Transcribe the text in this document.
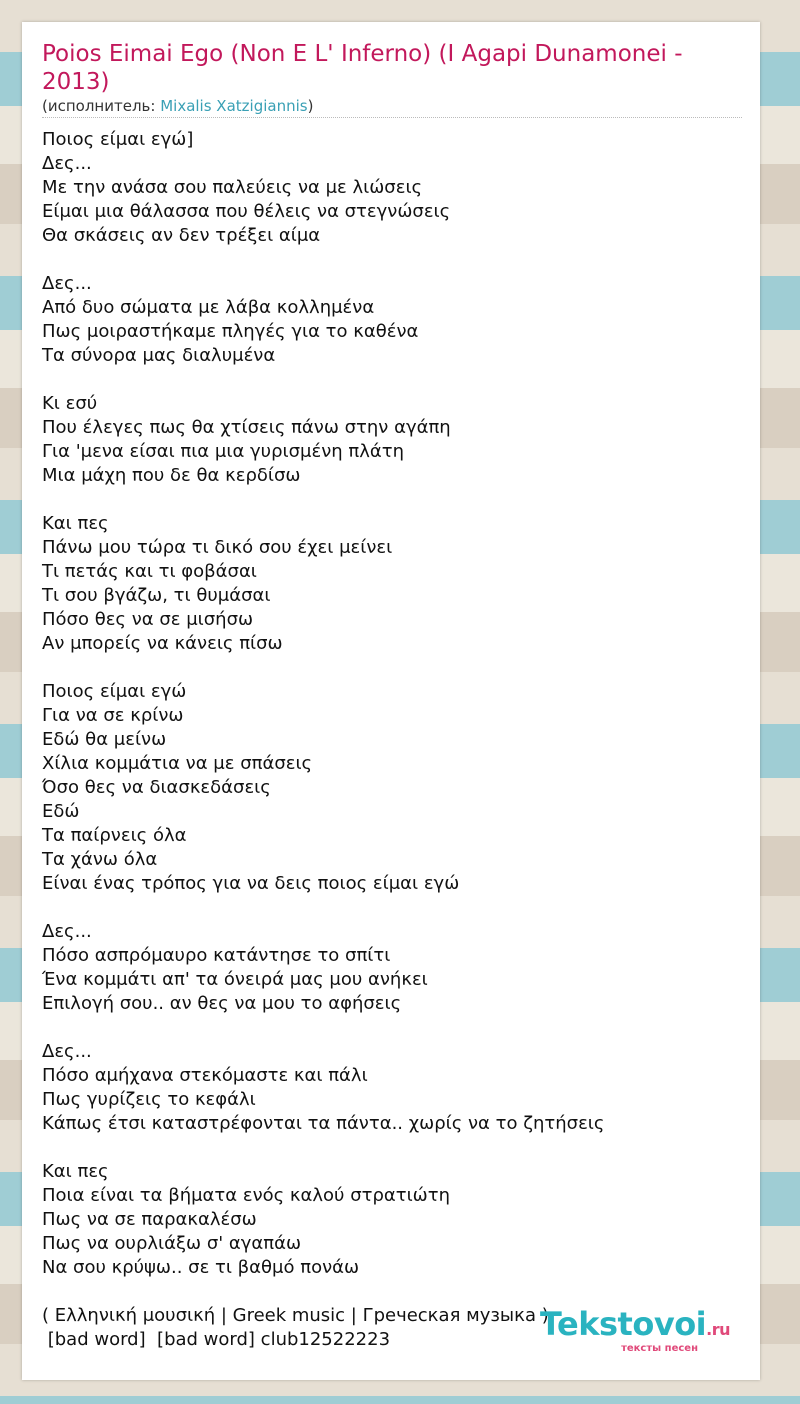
Poios Eimai Ego (Non E L' Inferno) (I Agapi Dunamonei - 2013)
(исполнитель: Mixalis Xatzigiannis)
Ποιος είμαι εγώ]
Δες...
Με την ανάσα σου παλεύεις να με λιώσεις
Είμαι μια θάλασσα που θέλεις να στεγνώσεις
Θα σκάσεις αν δεν τρέξει αίμα
Δες...
Από δυο σώματα με λάβα κολλημένα
Πως μοιραστήκαμε πληγές για το καθένα
Τα σύνορα μας διαλυμένα
Κι εσύ
Που έλεγες πως θα χτίσεις πάνω στην αγάπη
Για 'μενα είσαι πια μια γυρισμένη πλάτη
Μια μάχη που δε θα κερδίσω
Και πες
Πάνω μου τώρα τι δικό σου έχει μείνει
Τι πετάς και τι φοβάσαι
Τι σου βγάζω, τι θυμάσαι
Πόσο θες να σε μισήσω
Αν μπορείς να κάνεις πίσω
Ποιος είμαι εγώ
Για να σε κρίνω
Εδώ θα μείνω
Χίλια κομμάτια να με σπάσεις
Όσο θες να διασκεδάσεις
Εδώ
Τα παίρνεις όλα
Τα χάνω όλα
Είναι ένας τρόπος για να δεις ποιος είμαι εγώ
Δες...
Πόσο ασπρόμαυρο κατάντησε το σπίτι
Ένα κομμάτι απ' τα όνειρά μας μου ανήκει
Επιλογή σου.. αν θες να μου το αφήσεις
Δες...
Πόσο αμήχανα στεκόμαστε και πάλι
Πως γυρίζεις το κεφάλι
Κάπως έτσι καταστρέφονται τα πάντα.. χωρίς να το ζητήσεις
Και πες
Ποια είναι τα βήματα ενός καλού στρατιώτη
Πως να σε παρακαλέσω
Πως να ουρλιάξω σ' αγαπάω
Να σου κρύψω.. σε τι βαθμό πονάω
( Ελληνική μουσική | Greek music | Греческая музыка )
[bad word]  [bad word] club12522223	Tekstovoi.ru
тексты песен
